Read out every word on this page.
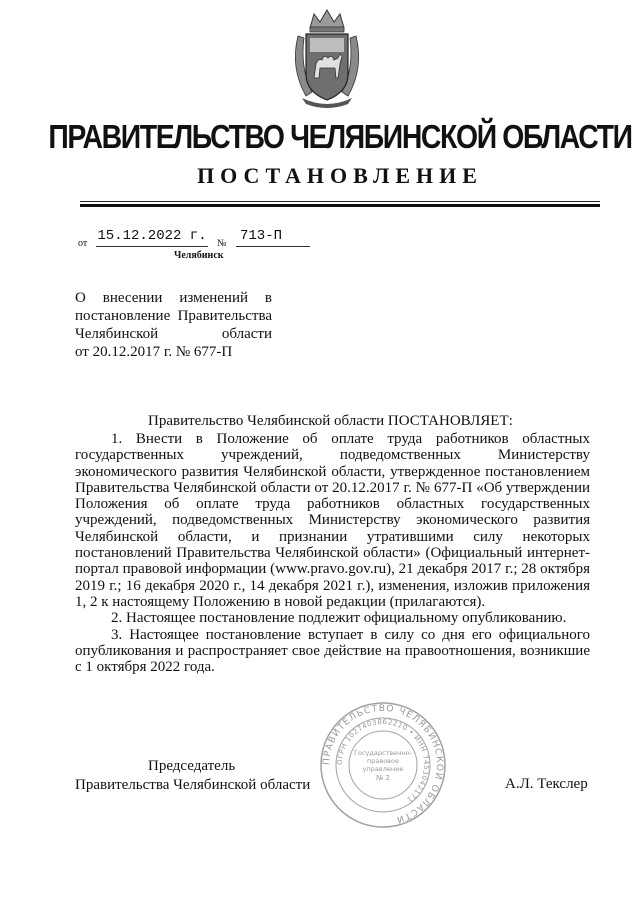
ПРАВИТЕЛЬСТВО ЧЕЛЯБИНСКОЙ ОБЛАСТИ
ПОСТАНОВЛЕНИЕ
от 15.12.2022 г. № 713-П
Челябинск
О внесении изменений в
постановление Правительства
Челябинской области
от 20.12.2017 г. № 677-П
Правительство Челябинской области ПОСТАНОВЛЯЕТ:

1. Внести в Положение об оплате труда работников областных государственных учреждений, подведомственных Министерству экономического развития Челябинской области, утвержденное постановлением Правительства Челябинской области от 20.12.2017 г. № 677-П «Об утверждении Положения об оплате труда работников областных государственных учреждений, подведомственных Министерству экономического развития Челябинской области, и признании утратившими силу некоторых постановлений Правительства Челябинской области» (Официальный интернет-портал правовой информации (www.pravo.gov.ru), 21 декабря 2017 г.; 28 октября 2019 г.; 16 декабря 2020 г., 14 декабря 2021 г.), изменения, изложив приложения 1, 2 к настоящему Положению в новой редакции (прилагаются).

2. Настоящее постановление подлежит официальному опубликованию.

3. Настоящее постановление вступает в силу со дня его официального опубликования и распространяет свое действие на правоотношения, возникшие с 1 октября 2022 года.

ПРАВИТЕЛЬСТВО ЧЕЛЯБИНСКОЙ ОБЛАСТИ
ОГРН 1027403862210 • ИНН 7453042171
Государственно-
правовое
управление
№ 2
Председатель
Правительства Челябинской области	А.Л. Текслер
